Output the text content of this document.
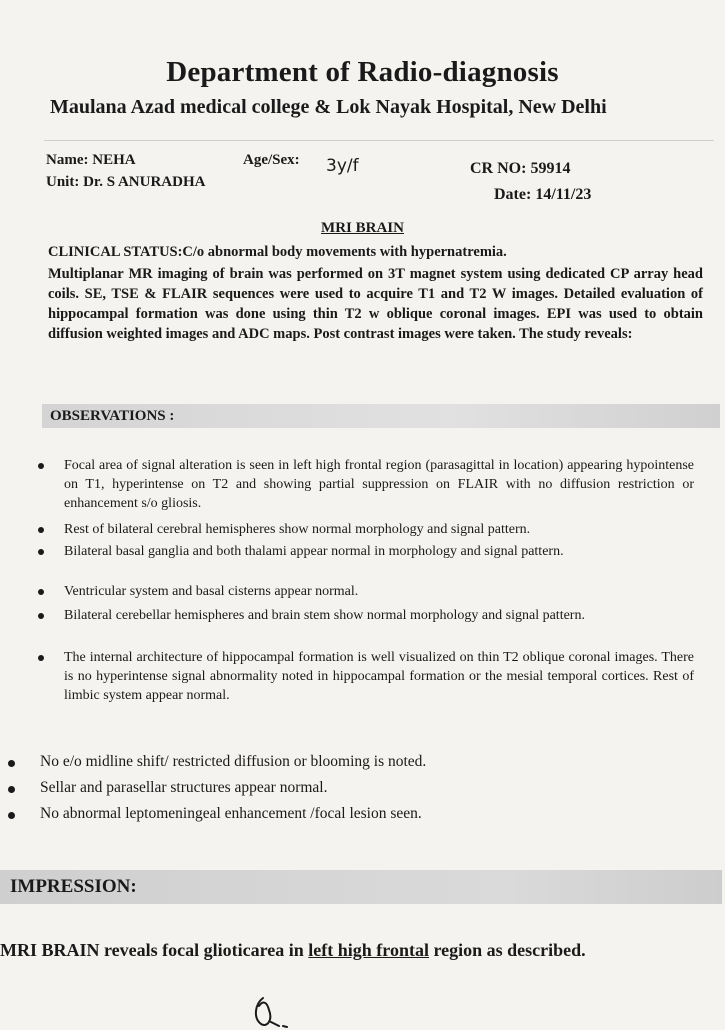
Department of Radio-diagnosis
Maulana Azad medical college & Lok Nayak Hospital, New Delhi
Name: NEHA	Age/Sex: 3y/f	CR NO: 59914
Unit: Dr. S ANURADHA
Date: 14/11/23
MRI BRAIN
CLINICAL STATUS:C/o abnormal body movements with hypernatremia.
Multiplanar MR imaging of brain was performed on 3T magnet system using dedicated CP array head coils. SE, TSE & FLAIR sequences were used to acquire T1 and T2 W images. Detailed evaluation of hippocampal formation was done using thin T2 w oblique coronal images. EPI was used to obtain diffusion weighted images and ADC maps. Post contrast images were taken. The study reveals:
OBSERVATIONS :
Focal area of signal alteration is seen in left high frontal region (parasagittal in location) appearing hypointense on T1, hyperintense on T2 and showing partial suppression on FLAIR with no diffusion restriction or enhancement s/o gliosis.
Rest of bilateral cerebral hemispheres show normal morphology and signal pattern.
Bilateral basal ganglia and both thalami appear normal in morphology and signal pattern.
Ventricular system and basal cisterns appear normal.
Bilateral cerebellar hemispheres and brain stem show normal morphology and signal pattern.
The internal architecture of hippocampal formation is well visualized on thin T2 oblique coronal images. There is no hyperintense signal abnormality noted in hippocampal formation or the mesial temporal cortices. Rest of limbic system appear normal.
No e/o midline shift/ restricted diffusion or blooming is noted.
Sellar and parasellar structures appear normal.
No abnormal leptomeningeal enhancement /focal lesion seen.
IMPRESSION:
MRI BRAIN reveals focal glioticarea in left high frontal region as described.
